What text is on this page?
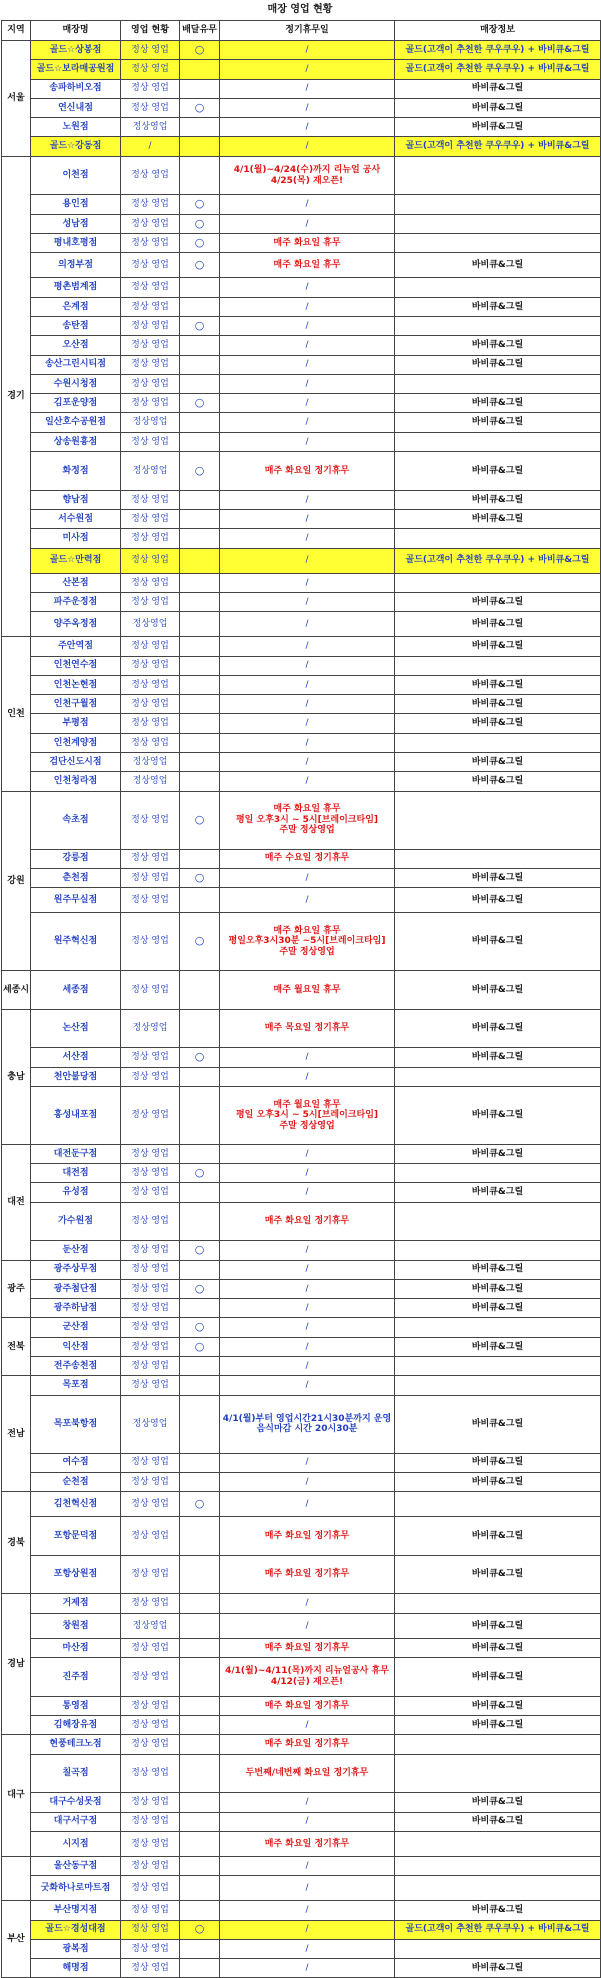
매장 영업 현황
지역	매장명	영업 현황	배달유무	정기휴무일	매장정보
서울	골드☆상봉점	정상 영업	○	/	골드(고객이 추천한 쿠우쿠우) + 바비큐&그릴
	골드☆보라매공원점	정상 영업		/	골드(고객이 추천한 쿠우쿠우) + 바비큐&그릴
	송파하비오점	정상 영업		/	바비큐&그릴
	연신내점	정상 영업	○	/	바비큐&그릴
	노원점	정상영업		/	바비큐&그릴
	골드☆강동점	/		/	골드(고객이 추천한 쿠우쿠우) + 바비큐&그릴
경기	이천점	정상 영업		4/1(월)~4/24(수)까지 리뉴얼 공사
4/25(목) 재오픈!	
	용인점	정상 영업	○	/	
	성남점	정상 영업	○	/	
	평내호평점	정상 영업	○	매주 화요일 휴무	
	의정부점	정상 영업	○	매주 화요일 휴무	바비큐&그릴
	평촌범계점	정상 영업		/	
	은계점	정상 영업		/	바비큐&그릴
	송탄점	정상 영업	○	/	
	오산점	정상 영업		/	바비큐&그릴
	송산그린시티점	정상 영업		/	바비큐&그릴
	수원시청점	정상 영업		/	
	김포운양점	정상 영업	○	/	바비큐&그릴
	일산호수공원점	정상영업		/	바비큐&그릴
	상송원흥점	정상 영업		/	
	화정점	정상영업	○	매주 화요일 정기휴무	바비큐&그릴
	향남점	정상 영업		/	바비큐&그릴
	서수원점	정상 영업		/	바비큐&그릴
	미사점	정상 영업		/	
	골드☆만력점	정상 영업		/	골드(고객이 추천한 쿠우쿠우) + 바비큐&그릴
	산본점	정상 영업		/	
	파주운정점	정상 영업		/	바비큐&그릴
	양주옥정점	정상영업		/	바비큐&그릴
인천	주안역점	정상 영업		/	바비큐&그릴
	인천연수점	정상 영업		/	
	인천논현점	정상 영업		/	바비큐&그릴
	인천구월점	정상 영업		/	바비큐&그릴
	부평점	정상 영업		/	바비큐&그릴
	인천계양점	정상 영업		/	
	검단신도시점	정상영업		/	바비큐&그릴
	인천청라점	정상영업		/	바비큐&그릴
강원	속초점	정상 영업	○	매주 화요일 휴무
평일 오후3시 ~ 5시[브레이크타임]
주말 정상영업	
	강릉점	정상 영업		매주 수요일 정기휴무	
	춘천점	정상 영업	○	/	바비큐&그릴
	원주무실점	정상 영업		/	바비큐&그릴
	원주혁신점	정상 영업	○	매주 화요일 휴무
평일오후3시30분 ~5시[브레이크타임]
주말 정상영업	바비큐&그릴
세종시	세종점	정상 영업		매주 월요일 휴무	바비큐&그릴
충남	논산점	정상영업		매주 목요일 정기휴무	바비큐&그릴
	서산점	정상 영업	○	/	바비큐&그릴
	천안불당점	정상 영업		/	
	홍성내포점	정상 영업		매주 월요일 휴무
평일 오후3시 ~ 5시[브레이크타임]
주말 정상영업	바비큐&그릴
대전	대전둔구점	정상 영업		/	바비큐&그릴
	대전점	정상 영업	○	/	
	유성점	정상 영업		/	바비큐&그릴
	가수원점	정상 영업		매주 화요일 정기휴무	
	둔산점	정상 영업	○	/	
광주	광주상무점	정상 영업		/	바비큐&그릴
	광주첨단점	정상 영업	○	/	바비큐&그릴
	광주하남점	정상 영업		/	바비큐&그릴
전북	군산점	정상 영업	○	/	
	익산점	정상 영업	○	/	바비큐&그릴
	전주송천점	정상 영업		/	
전남	목포점	정상 영업		/	
	목포북항점	정상영업		4/1(월)부터 영업시간21시30분까지 운영
음식마감 시간 20시30분	바비큐&그릴
	여수점	정상 영업		/	바비큐&그릴
	순천점	정상 영업		/	바비큐&그릴
경북	김천혁신점	정상 영업	○	/	
	포항문덕점	정상 영업		매주 화요일 정기휴무	바비큐&그릴
	포항상원점	정상 영업		매주 화요일 정기휴무	바비큐&그릴
경남	거제점	정상 영업		/	
	창원점	정상영업		/	바비큐&그릴
	마산점	정상 영업		매주 화요일 정기휴무	바비큐&그릴
	진주점	정상 영업		4/1(월)~4/11(목)까지 리뉴얼공사 휴무
4/12(금) 재오픈!	바비큐&그릴
	통영점	정상 영업		매주 화요일 정기휴무	바비큐&그릴
	김해장유점	정상 영업		/	바비큐&그릴
대구	현풍테크노점	정상 영업		매주 화요일 정기휴무	
	칠곡점	정상 영업		두번째/네번째 화요일 정기휴무	
	대구수성못점	정상 영업		/	바비큐&그릴
	대구서구점	정상 영업		/	바비큐&그릴
	시지점	정상 영업		매주 화요일 정기휴무	
	울산동구점	정상 영업		/	
	굿화하나로마트점	정상 영업		/	
부산	부산명지점	정상 영업		/	바비큐&그릴
	골드☆경성대점	정상 영업	○	/	골드(고객이 추천한 쿠우쿠우) + 바비큐&그릴
	광복점	정상 영업		/	
	해명점	정상 영업		/	바비큐&그릴
